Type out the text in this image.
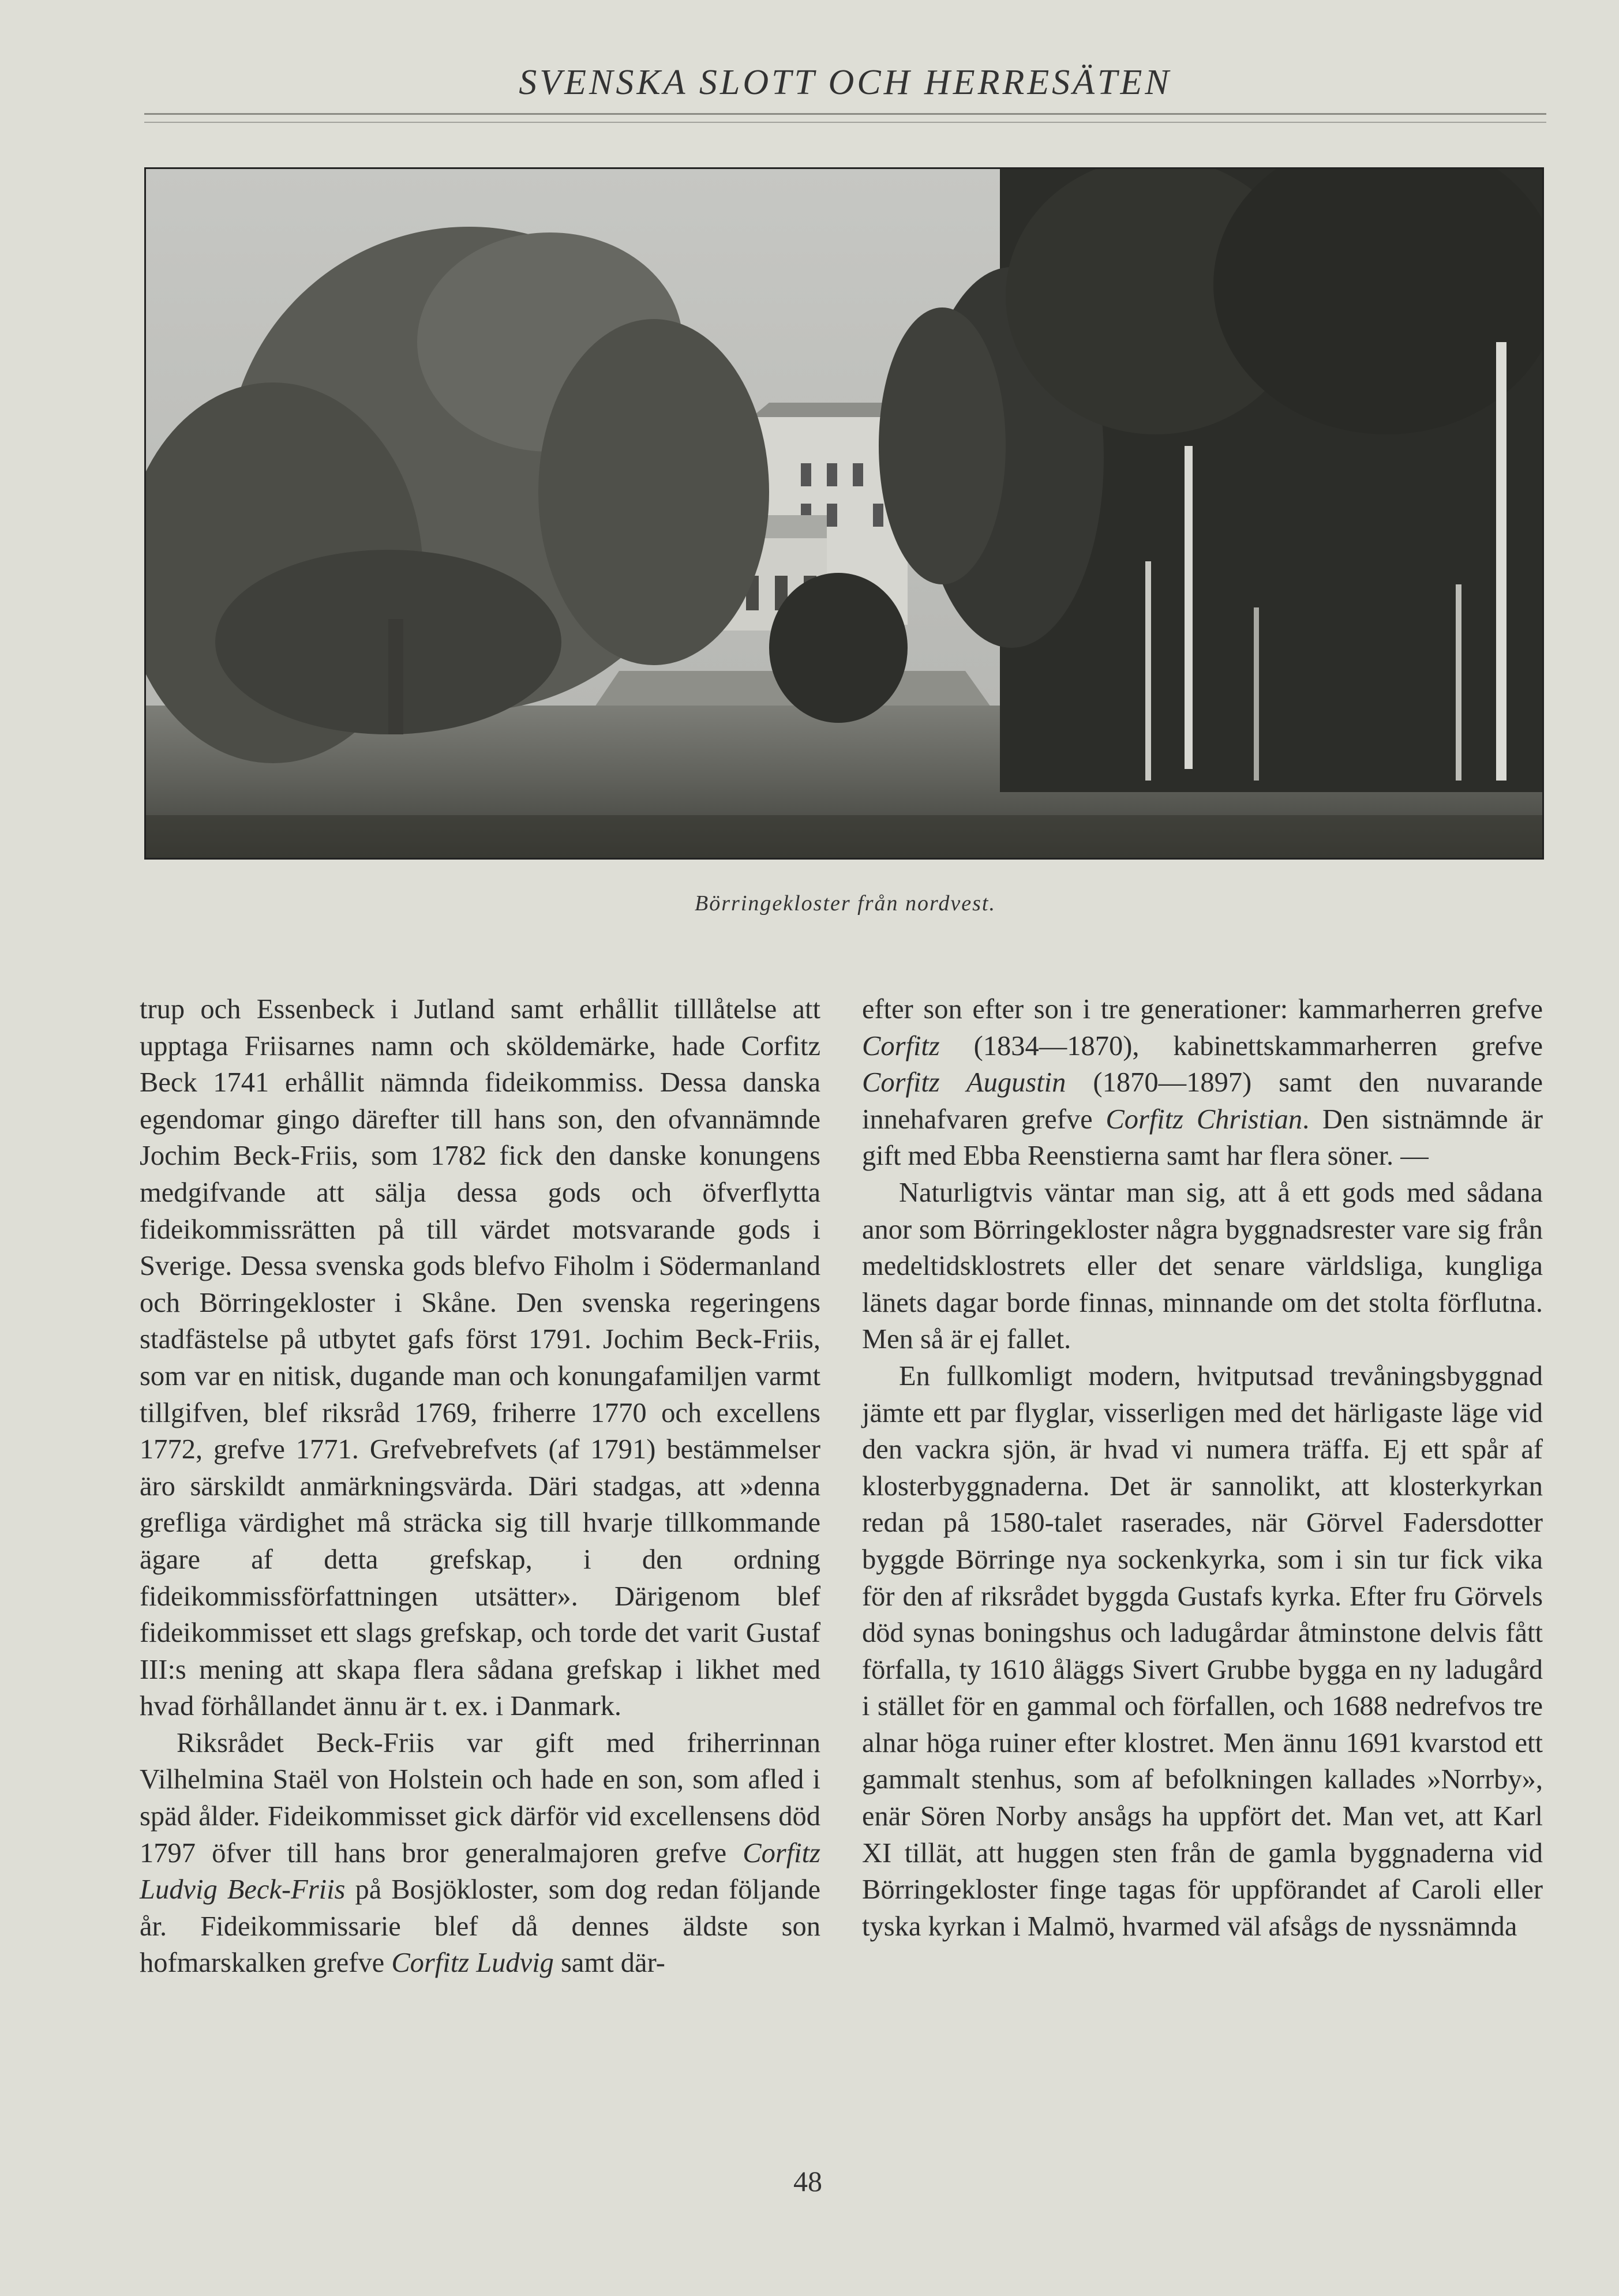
SVENSKA SLOTT OCH HERRESÄTEN
Börringekloster från nordvest.

trup och Essenbeck i Jutland samt erhållit tilllåtelse att upptaga Friisarnes namn och sköldemärke, hade Corfitz Beck 1741 erhållit nämnda fideikommiss. Dessa danska egendomar gingo därefter till hans son, den ofvannämnde Jochim Beck-Friis, som 1782 fick den danske konungens medgifvande att sälja dessa gods och öfverflytta fideikommissrätten på till värdet motsvarande gods i Sverige. Dessa svenska gods blefvo Fiholm i Södermanland och Börringekloster i Skåne. Den svenska regeringens stadfästelse på utbytet gafs först 1791. Jochim Beck-Friis, som var en nitisk, dugande man och konungafamiljen varmt tillgifven, blef riksråd 1769, friherre 1770 och excellens 1772, grefve 1771. Grefvebrefvets (af 1791) bestämmelser äro särskildt anmärkningsvärda. Däri stadgas, att »denna grefliga värdighet må sträcka sig till hvarje tillkommande ägare af detta grefskap, i den ordning fideikommissförfattningen utsätter». Därigenom blef fideikommisset ett slags grefskap, och torde det varit Gustaf III:s mening att skapa flera sådana grefskap i likhet med hvad förhållandet ännu är t. ex. i Danmark.

Riksrådet Beck-Friis var gift med friherrinnan Vilhelmina Staël von Holstein och hade en son, som afled i späd ålder. Fideikommisset gick därför vid excellensens död 1797 öfver till hans bror generalmajoren grefve Corfitz Ludvig Beck-Friis på Bosjökloster, som dog redan följande år. Fideikommissarie blef då dennes äldste son hofmarskalken grefve Corfitz Ludvig samt där-

efter son efter son i tre generationer: kammarherren grefve Corfitz (1834—1870), kabinettskammarherren grefve Corfitz Augustin (1870—1897) samt den nuvarande innehafvaren grefve Corfitz Christian. Den sistnämnde är gift med Ebba Reenstierna samt har flera söner. —

Naturligtvis väntar man sig, att å ett gods med sådana anor som Börringekloster några byggnadsrester vare sig från medeltidsklostrets eller det senare världsliga, kungliga länets dagar borde finnas, minnande om det stolta förflutna. Men så är ej fallet.

En fullkomligt modern, hvitputsad trevåningsbyggnad jämte ett par flyglar, visserligen med det härligaste läge vid den vackra sjön, är hvad vi numera träffa. Ej ett spår af klosterbyggnaderna. Det är sannolikt, att klosterkyrkan redan på 1580-talet raserades, när Görvel Fadersdotter byggde Börringe nya sockenkyrka, som i sin tur fick vika för den af riksrådet byggda Gustafs kyrka. Efter fru Görvels död synas boningshus och ladugårdar åtminstone delvis fått förfalla, ty 1610 åläggs Sivert Grubbe bygga en ny ladugård i stället för en gammal och förfallen, och 1688 nedrefvos tre alnar höga ruiner efter klostret. Men ännu 1691 kvarstod ett gammalt stenhus, som af befolkningen kallades »Norrby», enär Sören Norby ansågs ha uppfört det. Man vet, att Karl XI tillät, att huggen sten från de gamla byggnaderna vid Börringekloster finge tagas för uppförandet af Caroli eller tyska kyrkan i Malmö, hvarmed väl afsågs de nyssnämnda

48
